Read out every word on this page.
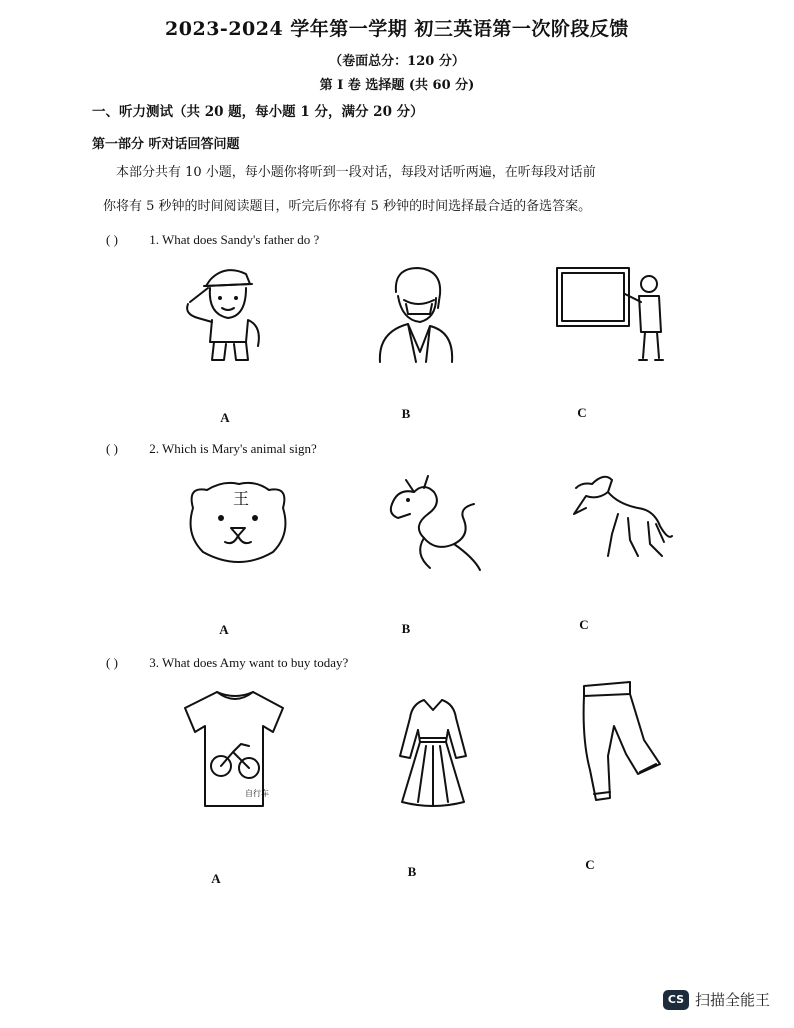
2023-2024 学年第一学期 初三英语第一次阶段反馈
（卷面总分：120 分）
第 I 卷 选择题 (共 60 分)
一、听力测试（共 20 题，每小题 1 分，满分 20 分）
第一部分 听对话回答问题
本部分共有 10 小题，每小题你将听到一段对话，每段对话听两遍，在听每段对话前
你将有 5 秒钟的时间阅读题目，听完后你将有 5 秒钟的时间选择最合适的备选答案。
( ) 1. What does Sandy's father do ?
A	B	C
( ) 2. Which is Mary's animal sign?
王
A	B	C
( ) 3. What does Amy want to buy today?
自行车
A	B	C
CS 扫描全能王
